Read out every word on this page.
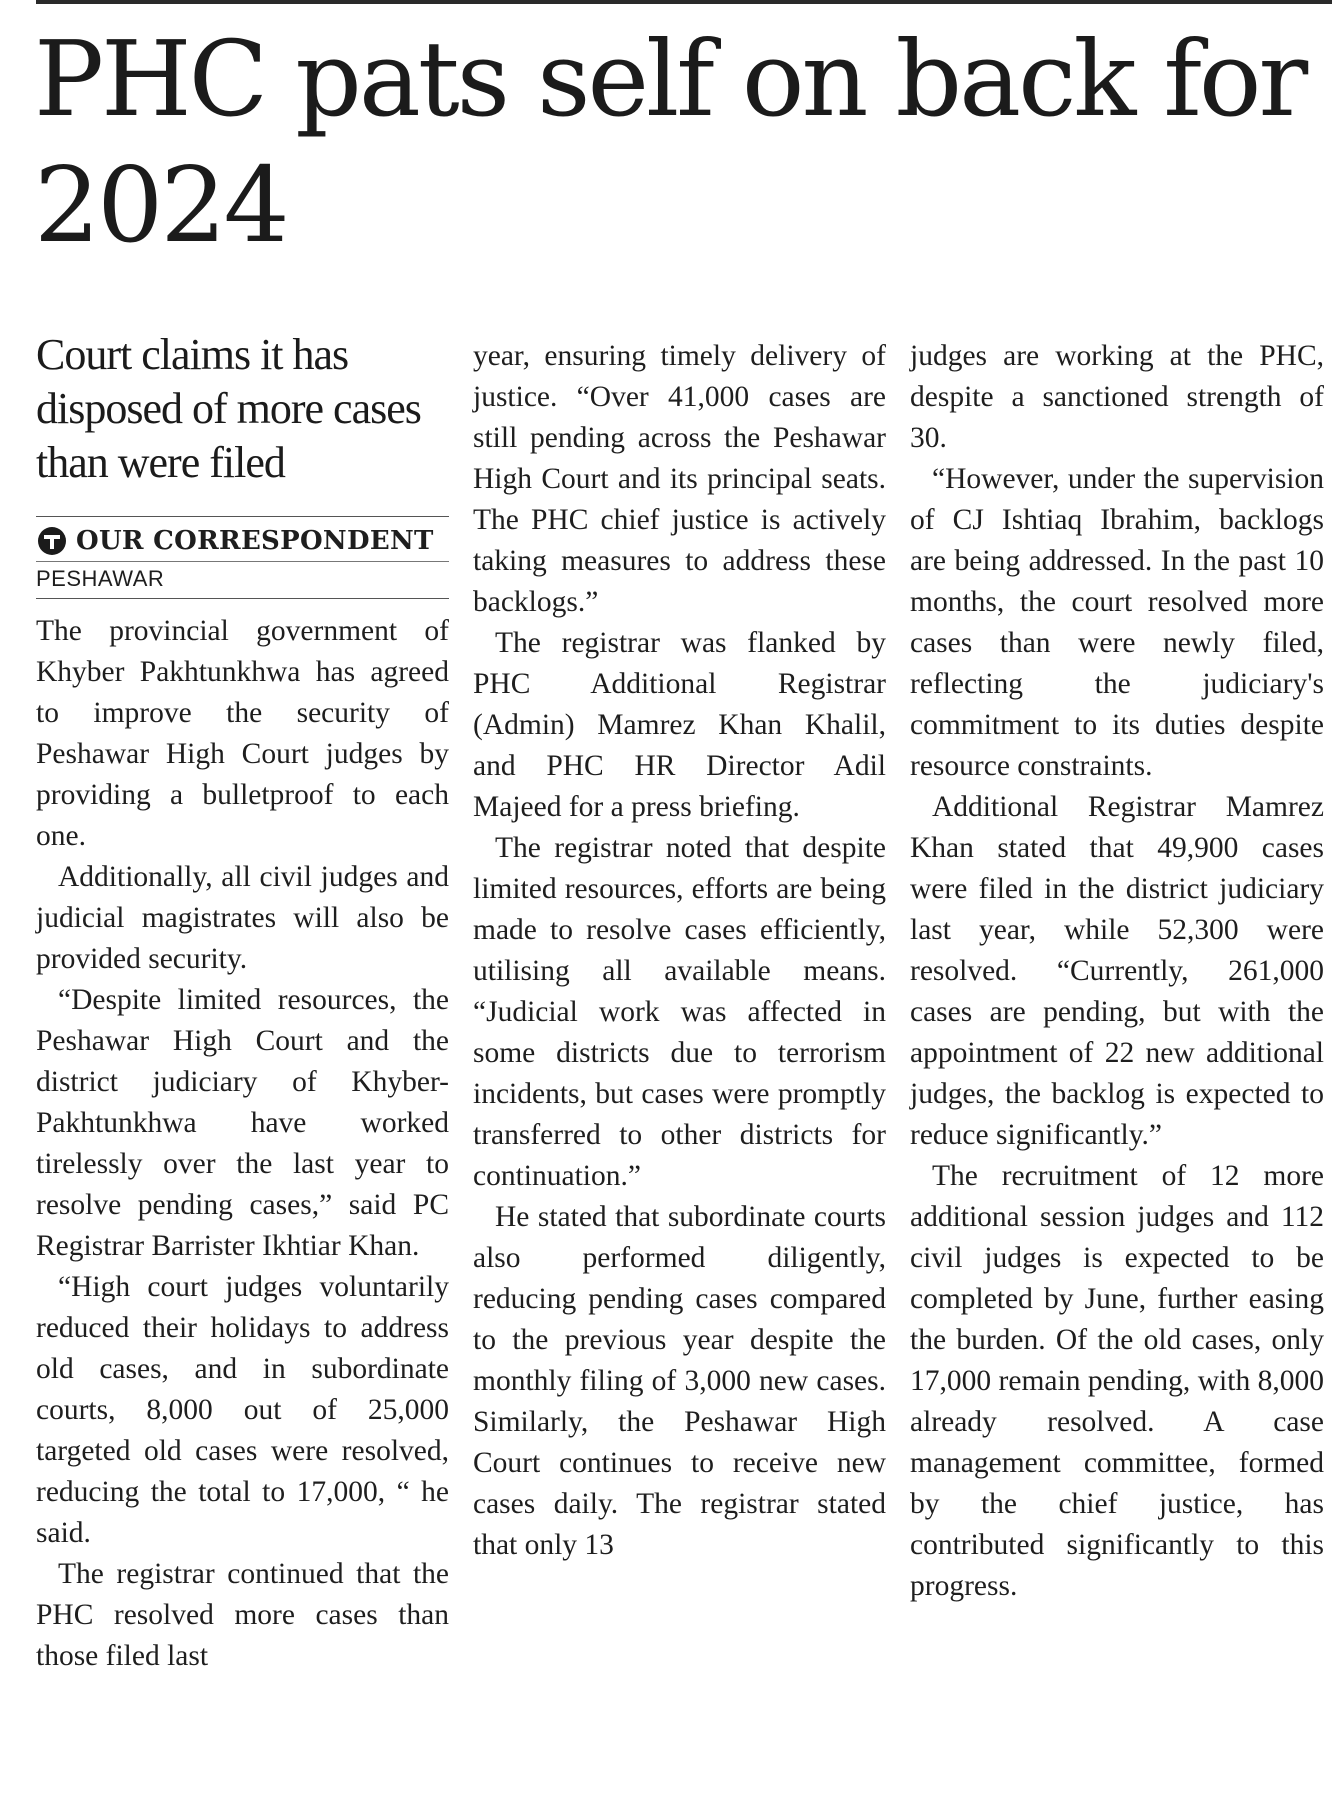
PHC pats self on back for 2024
Court claims it has disposed of more cases than were filed
OUR CORRESPONDENT
PESHAWAR

The provincial government of Khyber Pakhtunkhwa has agreed to improve the security of Peshawar High Court judges by providing a bulletproof to each one.

Additionally, all civil judges and judicial magistrates will also be provided security.

“Despite limited resources, the Peshawar High Court and the district judiciary of Khyber-Pakhtunkhwa have worked tirelessly over the last year to resolve pending cases,” said PC Registrar Barrister Ikhtiar Khan.

“High court judges voluntarily reduced their holidays to address old cases, and in subordinate courts, 8,000 out of 25,000 targeted old cases were resolved, reducing the total to 17,000, “ he said.

The registrar continued that the PHC resolved more cases than those filed last

year, ensuring timely delivery of justice. “Over 41,000 cases are still pending across the Peshawar High Court and its principal seats. The PHC chief justice is actively taking measures to address these backlogs.”

The registrar was flanked by PHC Additional Registrar (Admin) Mamrez Khan Khalil, and PHC HR Director Adil Majeed for a press briefing.

The registrar noted that despite limited resources, efforts are being made to resolve cases efficiently, utilising all available means. “Judicial work was affected in some districts due to terrorism incidents, but cases were promptly transferred to other districts for continuation.”

He stated that subordinate courts also performed diligently, reducing pending cases compared to the previous year despite the monthly filing of 3,000 new cases. Similarly, the Peshawar High Court continues to receive new cases daily. The registrar stated that only 13

judges are working at the PHC, despite a sanctioned strength of 30.

“However, under the supervision of CJ Ishtiaq Ibrahim, backlogs are being addressed. In the past 10 months, the court resolved more cases than were newly filed, reflecting the judiciary's commitment to its duties despite resource constraints.

Additional Registrar Mamrez Khan stated that 49,900 cases were filed in the district judiciary last year, while 52,300 were resolved. “Currently, 261,000 cases are pending, but with the appointment of 22 new additional judges, the backlog is expected to reduce significantly.”

The recruitment of 12 more additional session judges and 112 civil judges is expected to be completed by June, further easing the burden. Of the old cases, only 17,000 remain pending, with 8,000 already resolved. A case management committee, formed by the chief justice, has contributed significantly to this progress.
